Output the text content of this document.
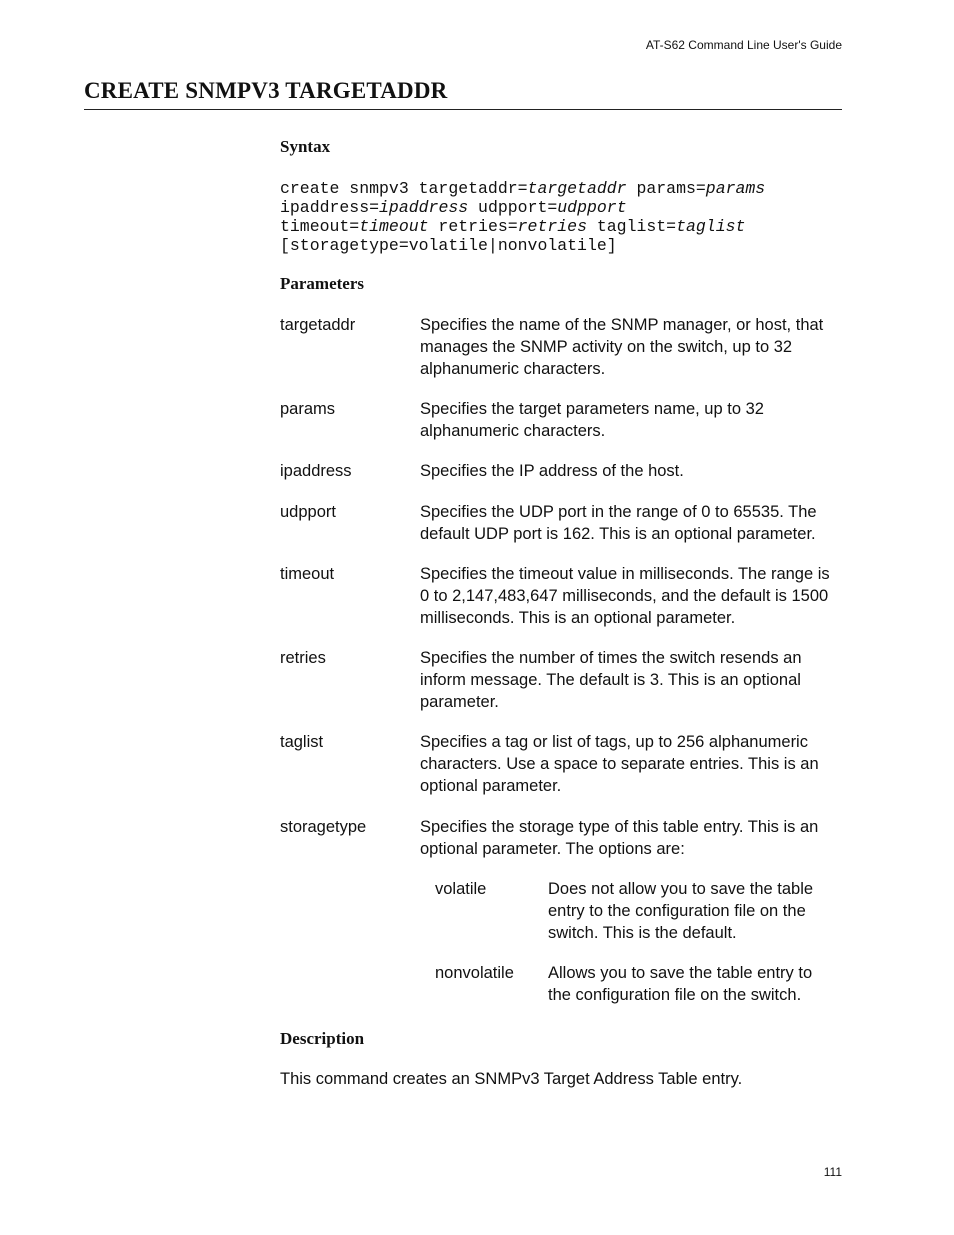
AT-S62 Command Line User's Guide
CREATE SNMPV3 TARGETADDR
Syntax
create snmpv3 targetaddr=targetaddr params=params
ipaddress=ipaddress udpport=udpport
timeout=timeout retries=retries taglist=taglist
[storagetype=volatile|nonvolatile]
Parameters
targetaddr	Specifies the name of the SNMP manager, or host, that manages the SNMP activity on the switch, up to 32 alphanumeric characters.
params	Specifies the target parameters name, up to 32 alphanumeric characters.
ipaddress	Specifies the IP address of the host.
udpport	Specifies the UDP port in the range of 0 to 65535. The default UDP port is 162. This is an optional parameter.
timeout	Specifies the timeout value in milliseconds. The range is 0 to 2,147,483,647 milliseconds, and the default is 1500 milliseconds. This is an optional parameter.
retries	Specifies the number of times the switch resends an inform message. The default is 3. This is an optional parameter.
taglist	Specifies a tag or list of tags, up to 256 alphanumeric characters. Use a space to separate entries. This is an optional parameter.
storagetype	Specifies the storage type of this table entry. This is an optional parameter. The options are:
volatile	Does not allow you to save the table entry to the configuration file on the switch. This is the default.
nonvolatile Allows you to save the table entry to the configuration file on the switch.
Description
This command creates an SNMPv3 Target Address Table entry.
111
